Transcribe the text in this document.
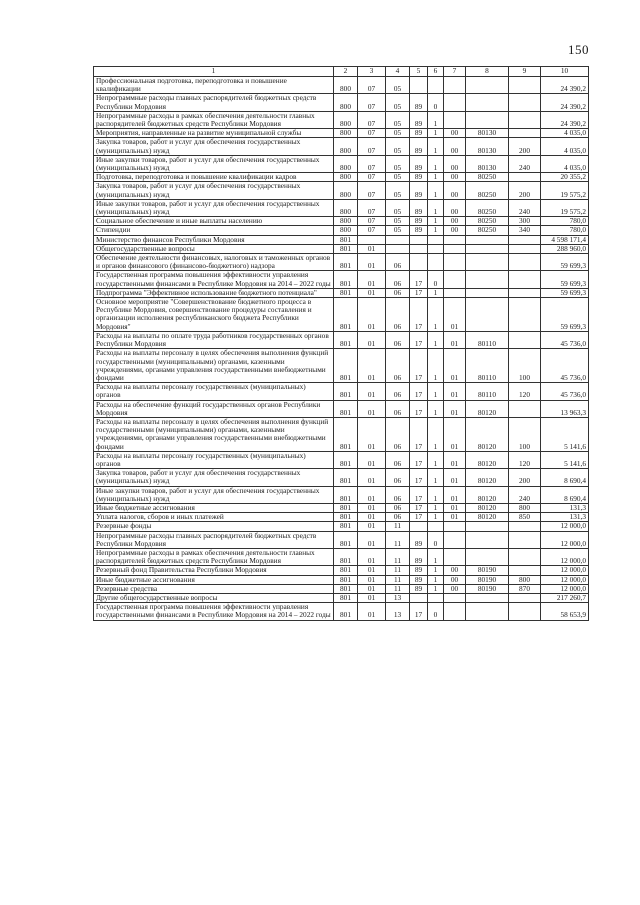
150
1	2	3	4	5	6	7	8	9	10
Профессиональная подготовка, переподготовка и повышение квалификации	800	07	05						24 390,2
Непрограммные расходы главных распорядителей бюджетных средств Республики Мордовия	800	07	05	89	0				24 390,2
Непрограммные расходы в рамках обеспечения деятельности главных распорядителей бюджетных средств Республики Мордовия	800	07	05	89	1				24 390,2
Мероприятия, направленные на развитие муниципальной службы	800	07	05	89	1	00	80130		4 035,0
Закупка товаров, работ и услуг для обеспечения государственных (муниципальных) нужд	800	07	05	89	1	00	80130	200	4 035,0
Иные закупки товаров, работ и услуг для обеспечения государственных (муниципальных) нужд	800	07	05	89	1	00	80130	240	4 035,0
Подготовка, переподготовка и повышение квалификации кадров	800	07	05	89	1	00	80250		20 355,2
Закупка товаров, работ и услуг для обеспечения государственных (муниципальных) нужд	800	07	05	89	1	00	80250	200	19 575,2
Иные закупки товаров, работ и услуг для обеспечения государственных (муниципальных) нужд	800	07	05	89	1	00	80250	240	19 575,2
Социальное обеспечение и иные выплаты населению	800	07	05	89	1	00	80250	300	780,0
Стипендии	800	07	05	89	1	00	80250	340	780,0
Министерство финансов Республики Мордовия	801								4 598 171,4
Общегосударственные вопросы	801	01							288 960,0
Обеспечение деятельности финансовых, налоговых и таможенных органов и органов финансового (финансово-бюджетного) надзора	801	01	06						59 699,3
Государственная программа повышения эффективности управления государственными финансами в Республике Мордовия на 2014 – 2022 годы	801	01	06	17	0				59 699,3
Подпрограмма "Эффективное использование бюджетного потенциала"	801	01	06	17	1				59 699,3
Основное мероприятие "Совершенствование бюджетного процесса в Республике Мордовия, совершенствование процедуры составления и организации исполнения республиканского бюджета Республики Мордовия"	801	01	06	17	1	01			59 699,3
Расходы на выплаты по оплате труда работников государственных органов Республики Мордовия	801	01	06	17	1	01	80110		45 736,0
Расходы на выплаты персоналу в целях обеспечения выполнения функций государственными (муниципальными) органами, казенными учреждениями, органами управления государственными внебюджетными фондами	801	01	06	17	1	01	80110	100	45 736,0
Расходы на выплаты персоналу государственных (муниципальных) органов	801	01	06	17	1	01	80110	120	45 736,0
Расходы на обеспечение функций государственных органов Республики Мордовия	801	01	06	17	1	01	80120		13 963,3
Расходы на выплаты персоналу в целях обеспечения выполнения функций государственными (муниципальными) органами, казенными учреждениями, органами управления государственными внебюджетными фондами	801	01	06	17	1	01	80120	100	5 141,6
Расходы на выплаты персоналу государственных (муниципальных) органов	801	01	06	17	1	01	80120	120	5 141,6
Закупка товаров, работ и услуг для обеспечения государственных (муниципальных) нужд	801	01	06	17	1	01	80120	200	8 690,4
Иные закупки товаров, работ и услуг для обеспечения государственных (муниципальных) нужд	801	01	06	17	1	01	80120	240	8 690,4
Иные бюджетные ассигнования	801	01	06	17	1	01	80120	800	131,3
Уплата налогов, сборов и иных платежей	801	01	06	17	1	01	80120	850	131,3
Резервные фонды	801	01	11						12 000,0
Непрограммные расходы главных распорядителей бюджетных средств Республики Мордовия	801	01	11	89	0				12 000,0
Непрограммные расходы в рамках обеспечения деятельности главных распорядителей бюджетных средств Республики Мордовия	801	01	11	89	1				12 000,0
Резервный фонд Правительства Республики Мордовия	801	01	11	89	1	00	80190		12 000,0
Иные бюджетные ассигнования	801	01	11	89	1	00	80190	800	12 000,0
Резервные средства	801	01	11	89	1	00	80190	870	12 000,0
Другие общегосударственные вопросы	801	01	13						217 260,7
Государственная программа повышения эффективности управления государственными финансами в Республике Мордовия на 2014 – 2022 годы	801	01	13	17	0				58 653,9
